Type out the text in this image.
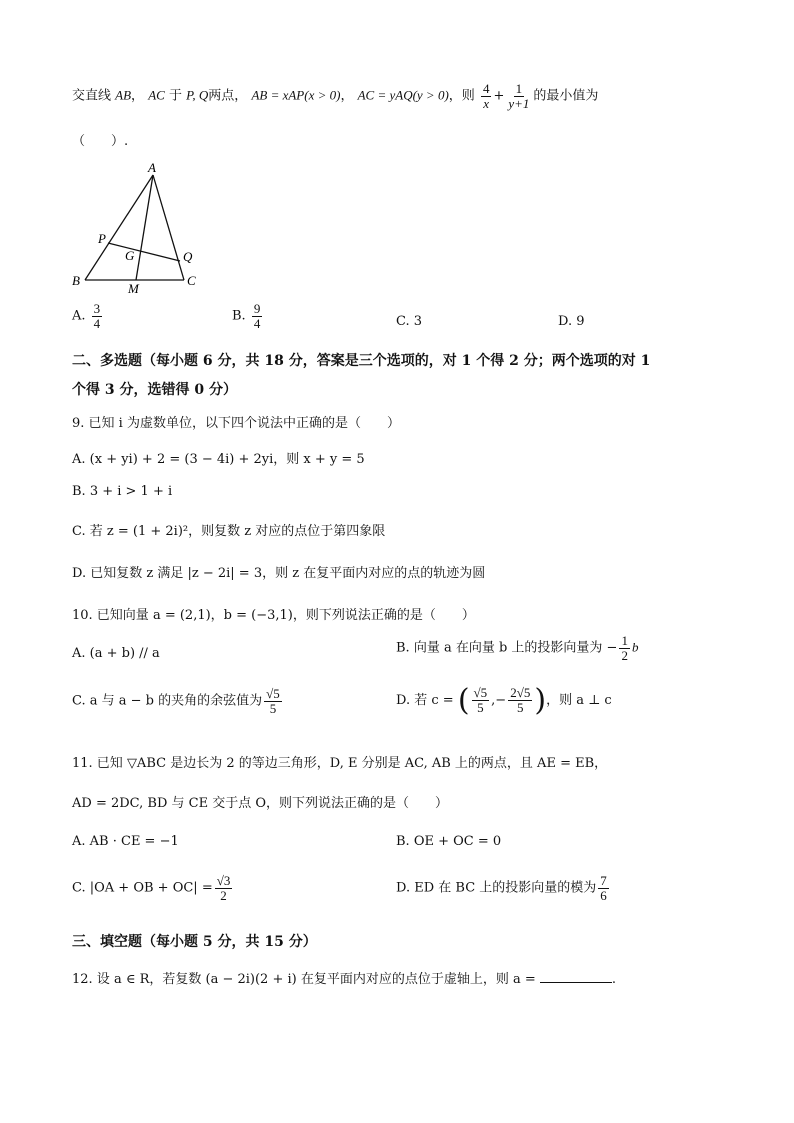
交直线 AB， AC 于 P, Q两点， AB = xAP(x > 0)， AC = yAQ(y > 0)，则 $\frac{4}{x} + \frac{1}{y+1}$ 的最小值为
（　　）.
A
B	C
P
Q
G
M
A. $\frac{3}{4}$	B. $\frac{9}{4}$	C. 3	D. 9
二、多选题（每小题 6 分，共 18 分，答案是三个选项的，对 1 个得 2 分；两个选项的对 1
个得 3 分，选错得 0 分）
9. 已知 i 为虚数单位，以下四个说法中正确的是（　　）
A. (x + yi) + 2 = (3 − 4i) + 2yi，则 x + y = 5
B. 3 + i > 1 + i
C. 若 z = (1 + 2i)²，则复数 z 对应的点位于第四象限
D. 已知复数 z 满足 |z − 2i| = 3，则 z 在复平面内对应的点的轨迹为圆
10. 已知向量 a = (2,1)，b = (−3,1)，则下列说法正确的是（　　）
A. (a + b) // a	B. 向量 a 在向量 b 上的投影向量为 − $\frac{1}{2}$ b
C. a 与 a − b 的夹角的余弦值为 $\frac{√5}{5}$	D. 若 c = ( $\frac{√5}{5}$ ,− $\frac{2√5}{5}$ )，则 a ⊥ c
11. 已知 ▽ABC 是边长为 2 的等边三角形，D, E 分别是 AC, AB 上的两点，且 AE = EB，
AD = 2DC, BD 与 CE 交于点 O，则下列说法正确的是（　　）
A. AB · CE = −1	B. OE + OC = 0
C. |OA + OB + $OC| = \frac{√3}{2}$	D. ED 在 BC 上的投影向量的模为 $\frac{7}{6}$
三、填空题（每小题 5 分，共 15 分）
12. 设 a ∈ R，若复数 (a − 2i)(2 + i) 在复平面内对应的点位于虚轴上，则 a =	.
